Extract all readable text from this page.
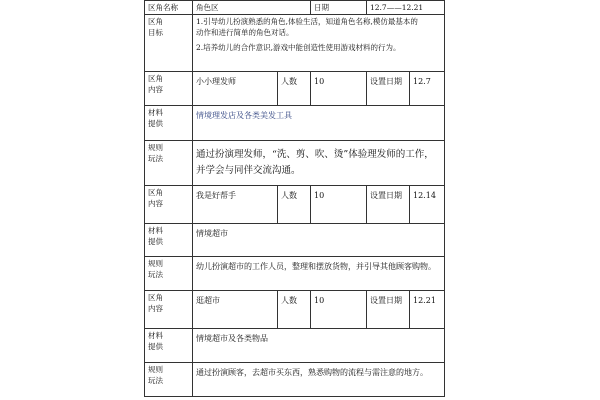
区角名称	角色区		日期	12.7——12.21	

区角
目标	1.引导幼儿扮演熟悉的角色,体验生活，知道角色名称,模仿最基本的
动作和进行简单的角色对话。
2.培养幼儿的合作意识,游戏中能创造性使用游戏材料的行为。				

区角
内容	小小理发师	人数	10	设置日期	12.7

材料
提供	情境理发店及各类美发工具				

规则
玩法	通过扮演理发师，“洗、剪、吹、烫”体验理发师的工作，
并学会与同伴交流沟通。				

区角
内容	我是好帮手	人数	10	设置日期	12.14

材料
提供	情境超市				

规则
玩法	幼儿扮演超市的工作人员，整理和摆放货物，并引导其他顾客购物。				

区角
内容	逛超市	人数	10	设置日期	12.21

材料
提供	情境超市及各类物品				

规则
玩法	通过扮演顾客，去超市买东西，熟悉购物的流程与需注意的地方。				
